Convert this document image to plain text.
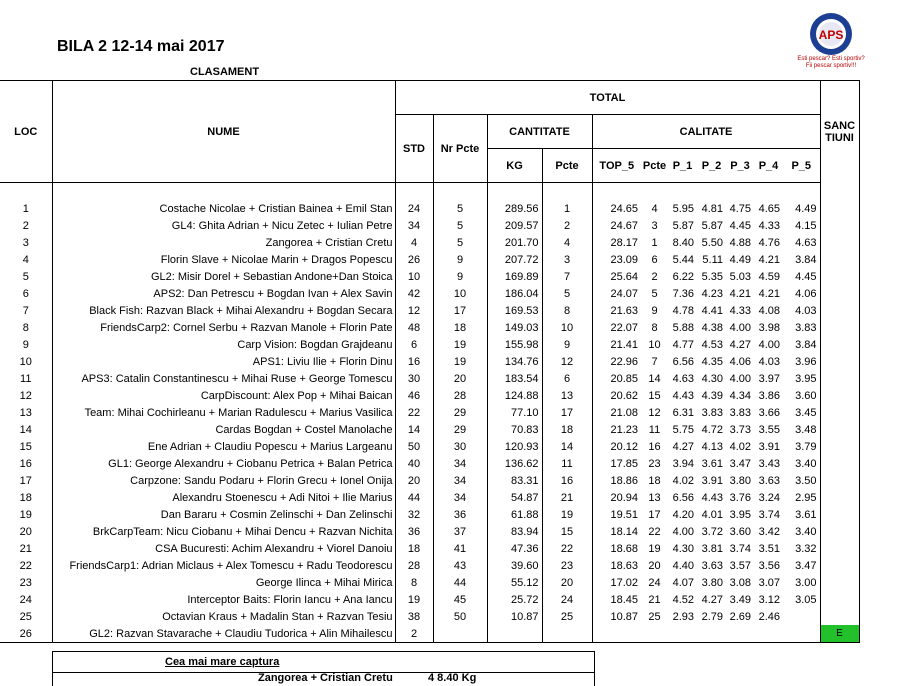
BILA 2 12-14 mai 2017
CLASAMENT
APS
Esti pescar? Esti sportiv?
Fii pescar sportiv!!!
LOC	NUME	TOTAL											SANC
TIUNI

		STD	Nr Pcte	CANTITATE		CALITATE							
				KG	Pcte	TOP_5	Pcte	P_1	P_2	P_3	P_4	P_5	

1	Costache Nicolae + Cristian Bainea + Emil Stan	24	5	289.56	1	24.65	4	5.95	4.81	4.75	4.65	4.49	
2	GL4: Ghita Adrian + Nicu Zetec + Iulian Petre	34	5	209.57	2	24.67	3	5.87	5.87	4.45	4.33	4.15	
3	Zangorea + Cristian Cretu	4	5	201.70	4	28.17	1	8.40	5.50	4.88	4.76	4.63	
4	Florin Slave + Nicolae Marin + Dragos Popescu	26	9	207.72	3	23.09	6	5.44	5.11	4.49	4.21	3.84	
5	GL2: Misir Dorel + Sebastian Andone+Dan Stoica	10	9	169.89	7	25.64	2	6.22	5.35	5.03	4.59	4.45	
6	APS2: Dan Petrescu + Bogdan Ivan + Alex Savin	42	10	186.04	5	24.07	5	7.36	4.23	4.21	4.21	4.06	
7	Black Fish: Razvan Black + Mihai Alexandru + Bogdan Secara	12	17	169.53	8	21.63	9	4.78	4.41	4.33	4.08	4.03	
8	FriendsCarp2: Cornel Serbu + Razvan Manole + Florin Pate	48	18	149.03	10	22.07	8	5.88	4.38	4.00	3.98	3.83	
9	Carp Vision: Bogdan Grajdeanu	6	19	155.98	9	21.41	10	4.77	4.53	4.27	4.00	3.84	
10	APS1: Liviu Ilie + Florin Dinu	16	19	134.76	12	22.96	7	6.56	4.35	4.06	4.03	3.96	
11	APS3: Catalin Constantinescu + Mihai Ruse + George Tomescu	30	20	183.54	6	20.85	14	4.63	4.30	4.00	3.97	3.95	
12	CarpDiscount: Alex Pop + Mihai Baican	46	28	124.88	13	20.62	15	4.43	4.39	4.34	3.86	3.60	
13	Team: Mihai Cochirleanu + Marian Radulescu + Marius Vasilica	22	29	77.10	17	21.08	12	6.31	3.83	3.83	3.66	3.45	
14	Cardas Bogdan + Costel Manolache	14	29	70.83	18	21.23	11	5.75	4.72	3.73	3.55	3.48	
15	Ene Adrian + Claudiu Popescu + Marius Largeanu	50	30	120.93	14	20.12	16	4.27	4.13	4.02	3.91	3.79	
16	GL1: George Alexandru + Ciobanu Petrica + Balan Petrica	40	34	136.62	11	17.85	23	3.94	3.61	3.47	3.43	3.40	
17	Carpzone: Sandu Podaru + Florin Grecu + Ionel Onija	20	34	83.31	16	18.86	18	4.02	3.91	3.80	3.63	3.50	
18	Alexandru Stoenescu + Adi Nitoi + Ilie Marius	44	34	54.87	21	20.94	13	6.56	4.43	3.76	3.24	2.95	
19	Dan Bararu + Cosmin Zelinschi + Dan Zelinschi	32	36	61.88	19	19.51	17	4.20	4.01	3.95	3.74	3.61	
20	BrkCarpTeam: Nicu Ciobanu + Mihai Dencu + Razvan Nichita	36	37	83.94	15	18.14	22	4.00	3.72	3.60	3.42	3.40	
21	CSA Bucuresti: Achim Alexandru + Viorel Danoiu	18	41	47.36	22	18.68	19	4.30	3.81	3.74	3.51	3.32	
22	FriendsCarp1: Adrian Miclaus + Alex Tomescu + Radu Teodorescu	28	43	39.60	23	18.63	20	4.40	3.63	3.57	3.56	3.47	
23	George Ilinca + Mihai Mirica	8	44	55.12	20	17.02	24	4.07	3.80	3.08	3.07	3.00	
24	Interceptor Baits: Florin Iancu + Ana Iancu	19	45	25.72	24	18.45	21	4.52	4.27	3.49	3.12	3.05	
25	Octavian Kraus + Madalin Stan + Razvan Tesiu	38	50	10.87	25	10.87	25	2.93	2.79	2.69	2.46		
26	GL2: Razvan Stavarache + Claudiu Tudorica + Alin Mihailescu	2											E
Cea mai mare captura
Zangorea + Cristian Cretu	4 8.40 Kg
